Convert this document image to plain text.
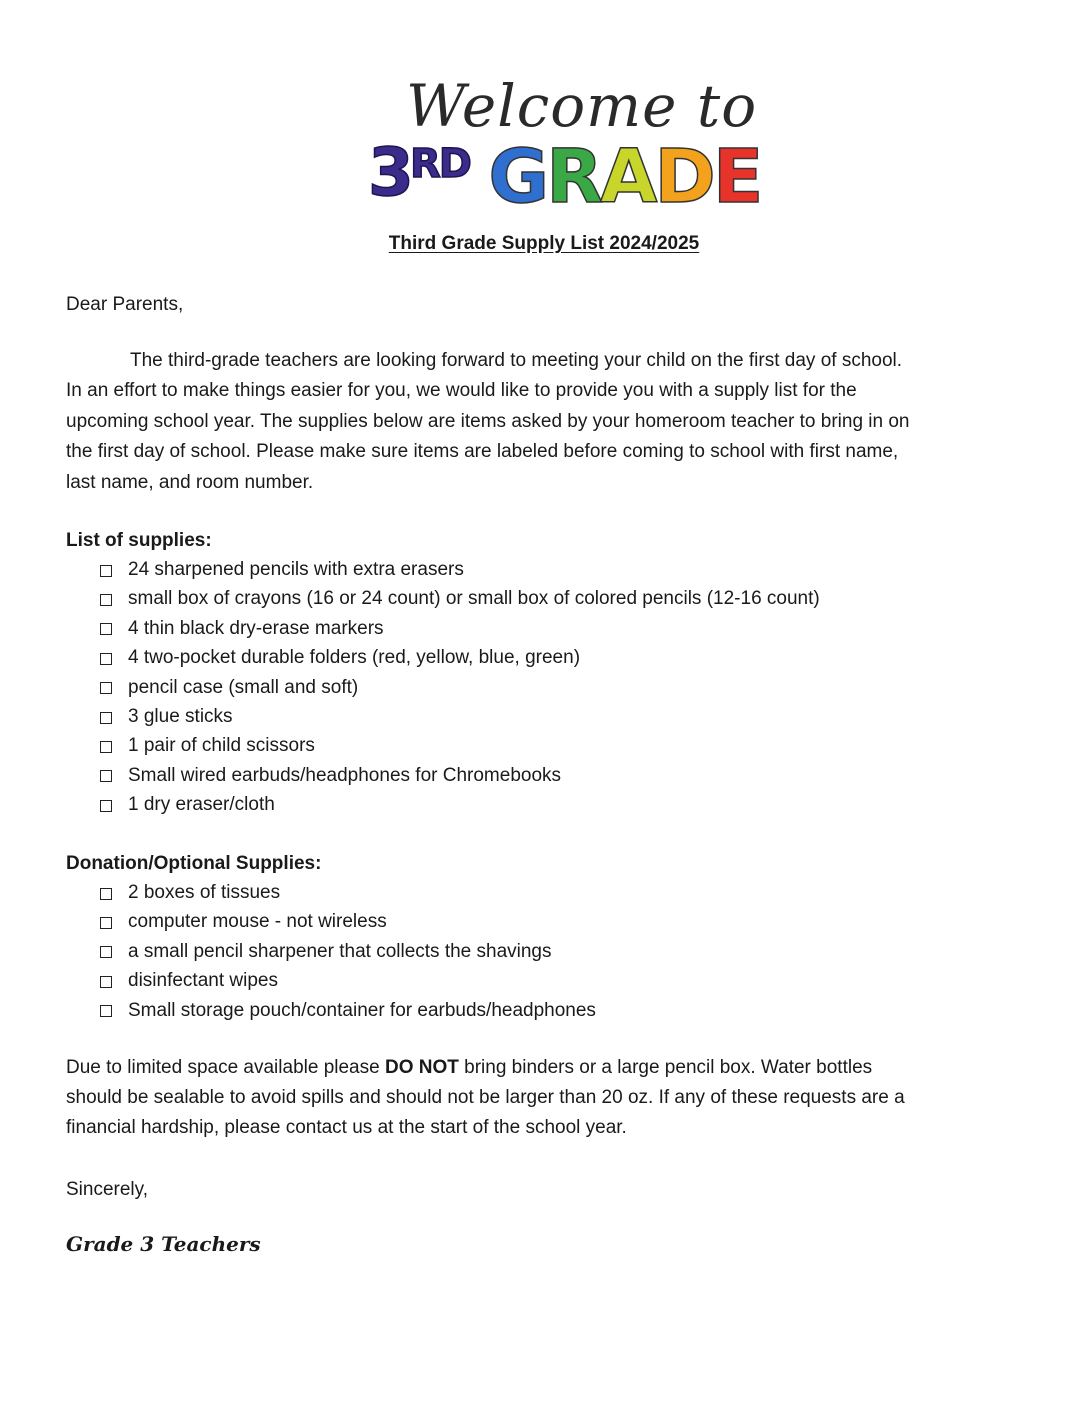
Welcome to
3RD GRADE
Third Grade Supply List 2024/2025
Dear Parents,
The third-grade teachers are looking forward to meeting your child on the first day of school.
In an effort to make things easier for you, we would like to provide you with a supply list for the
upcoming school year. The supplies below are items asked by your homeroom teacher to bring in on
the first day of school. Please make sure items are labeled before coming to school with first name,
last name, and room number.
List of supplies:
24 sharpened pencils with extra erasers
small box of crayons (16 or 24 count) or small box of colored pencils (12-16 count)
4 thin black dry-erase markers
4 two-pocket durable folders (red, yellow, blue, green)
pencil case (small and soft)
3 glue sticks
1 pair of child scissors
Small wired earbuds/headphones for Chromebooks
1 dry eraser/cloth
Donation/Optional Supplies:
2 boxes of tissues
computer mouse - not wireless
a small pencil sharpener that collects the shavings
disinfectant wipes
Small storage pouch/container for earbuds/headphones
Due to limited space available please DO NOT bring binders or a large pencil box. Water bottles
should be sealable to avoid spills and should not be larger than 20 oz. If any of these requests are a
financial hardship, please contact us at the start of the school year.
Sincerely,
Grade 3 Teachers
